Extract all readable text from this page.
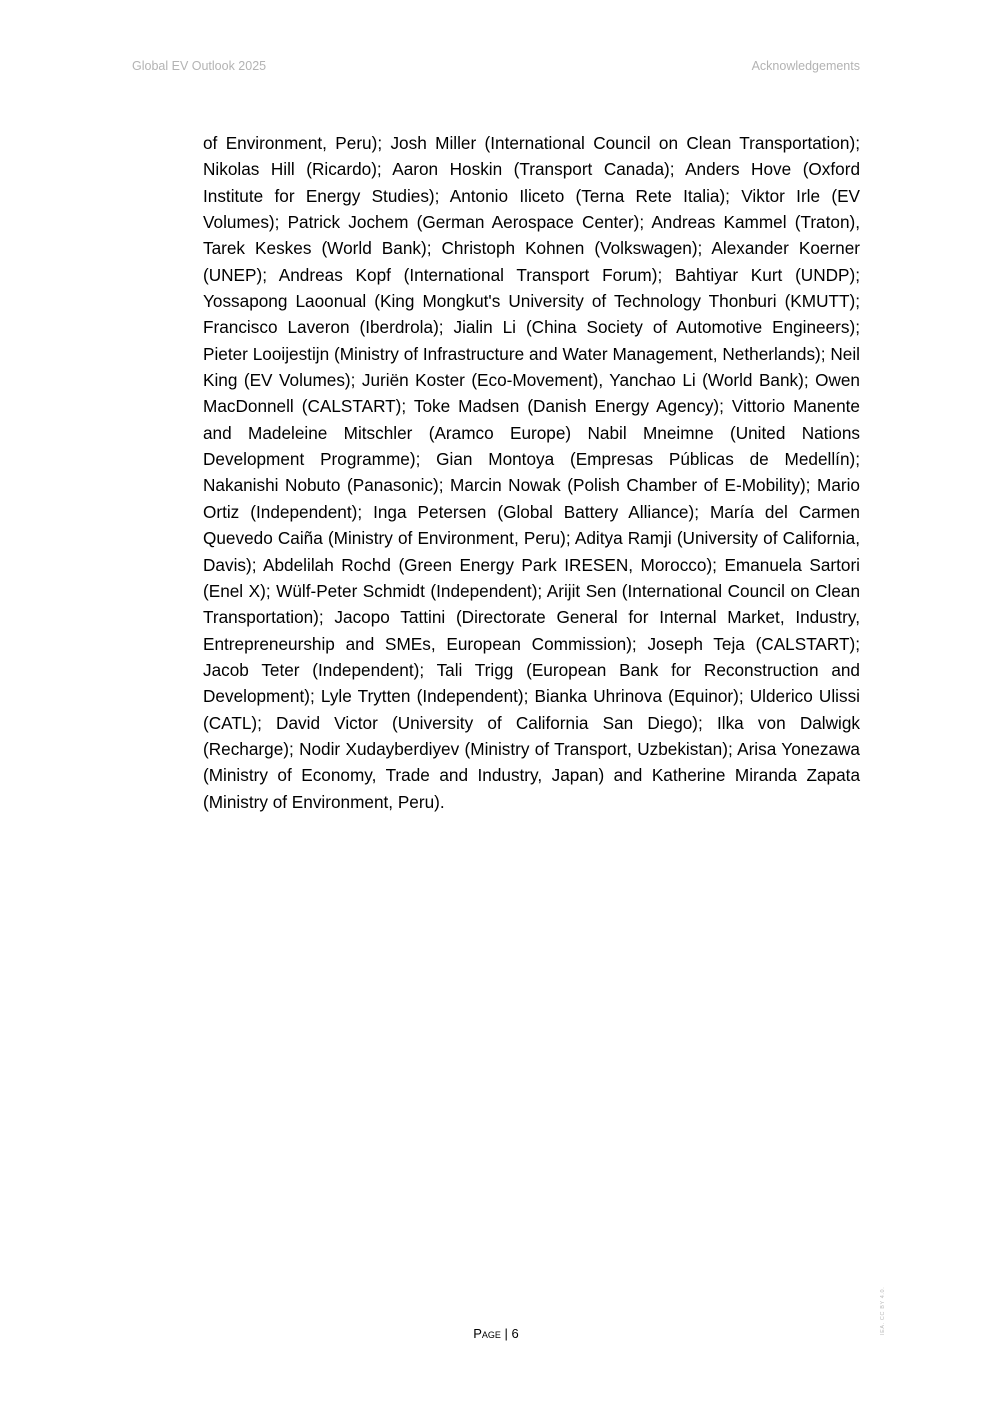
Global EV Outlook 2025	Acknowledgements

of Environment, Peru); Josh Miller (International Council on Clean Transportation); Nikolas Hill (Ricardo); Aaron Hoskin (Transport Canada); Anders Hove (Oxford Institute for Energy Studies); Antonio Iliceto (Terna Rete Italia); Viktor Irle (EV Volumes); Patrick Jochem (German Aerospace Center); Andreas Kammel (Traton), Tarek Keskes (World Bank); Christoph Kohnen (Volkswagen); Alexander Koerner (UNEP); Andreas Kopf (International Transport Forum); Bahtiyar Kurt (UNDP); Yossapong Laoonual (King Mongkut's University of Technology Thonburi (KMUTT); Francisco Laveron (Iberdrola); Jialin Li (China Society of Automotive Engineers); Pieter Looijestijn (Ministry of Infrastructure and Water Management, Netherlands); Neil King (EV Volumes); Juriën Koster (Eco-Movement), Yanchao Li (World Bank); Owen MacDonnell (CALSTART); Toke Madsen (Danish Energy Agency); Vittorio Manente and Madeleine Mitschler (Aramco Europe) Nabil Mneimne (United Nations Development Programme); Gian Montoya (Empresas Públicas de Medellín); Nakanishi Nobuto (Panasonic); Marcin Nowak (Polish Chamber of E-Mobility); Mario Ortiz (Independent); Inga Petersen (Global Battery Alliance); María del Carmen Quevedo Caiña (Ministry of Environment, Peru); Aditya Ramji (University of California, Davis); Abdelilah Rochd (Green Energy Park IRESEN, Morocco); Emanuela Sartori (Enel X); Wülf-Peter Schmidt (Independent); Arijit Sen (International Council on Clean Transportation); Jacopo Tattini (Directorate General for Internal Market, Industry, Entrepreneurship and SMEs, European Commission); Joseph Teja (CALSTART); Jacob Teter (Independent); Tali Trigg (European Bank for Reconstruction and Development); Lyle Trytten (Independent); Bianka Uhrinova (Equinor); Ulderico Ulissi (CATL); David Victor (University of California San Diego); Ilka von Dalwigk (Recharge); Nodir Xudayberdiyev (Ministry of Transport, Uzbekistan); Arisa Yonezawa (Ministry of Economy, Trade and Industry, Japan) and Katherine Miranda Zapata (Ministry of Environment, Peru).

Page | 6	IEA. CC BY 4.0.
